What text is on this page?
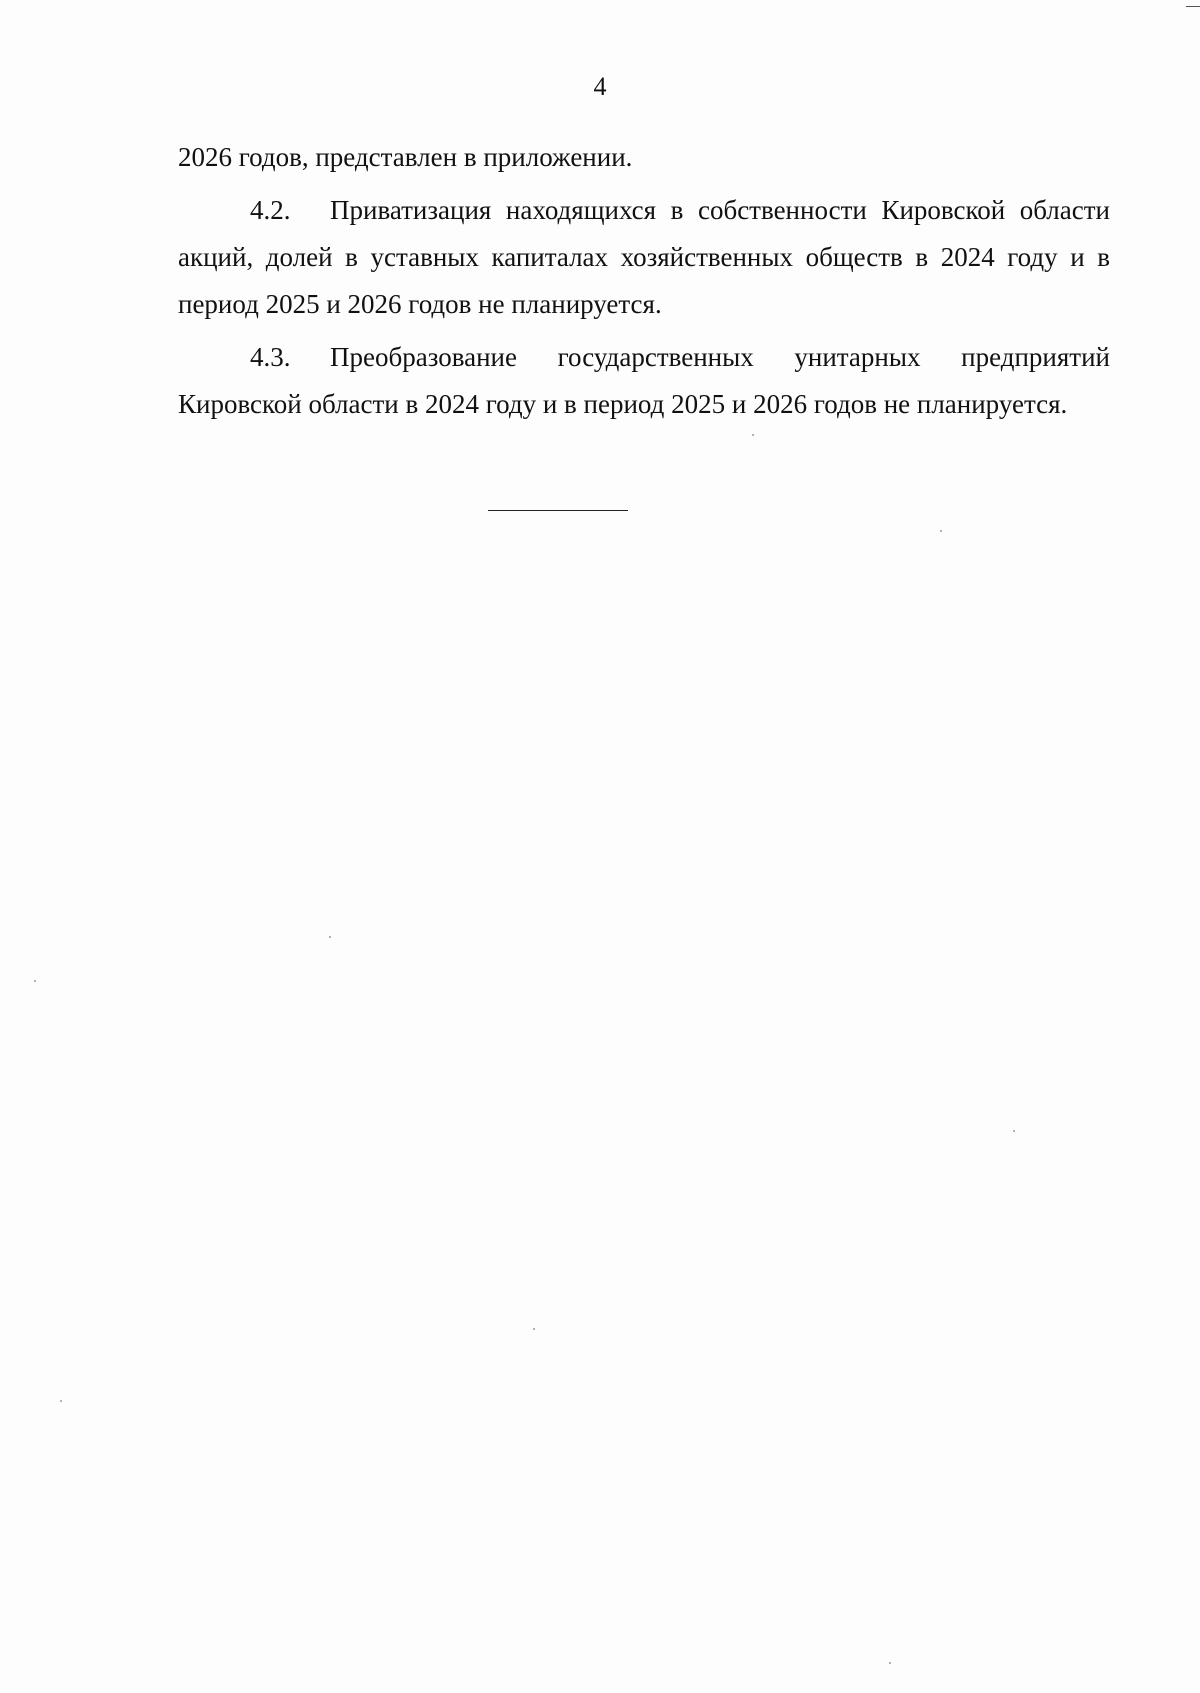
4

2026 годов, представлен в приложении.

4.2. Приватизация находящихся в собственности Кировской области акций, долей в уставных капиталах хозяйственных обществ в 2024 году и в период 2025 и 2026 годов не планируется.

4.3. Преобразование государственных унитарных предприятий Кировской области в 2024 году и в период 2025 и 2026 годов не планируется.
